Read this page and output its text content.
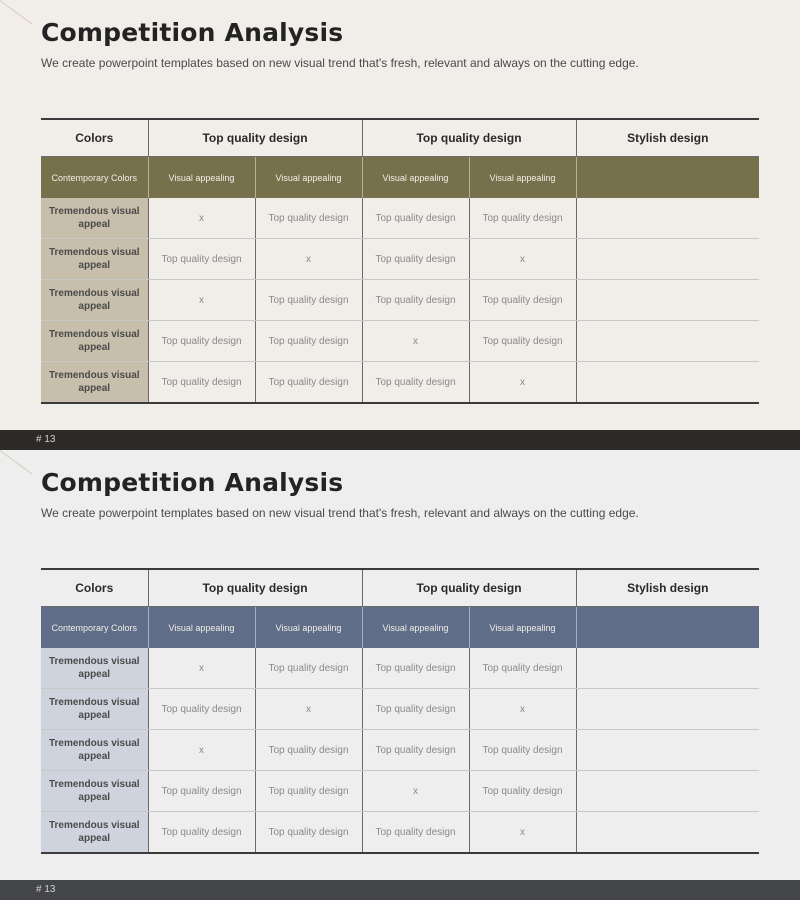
Competition Analysis

We create powerpoint templates based on new visual trend that's fresh, relevant and always on the cutting edge.

Colors	Top quality design		Top quality design		Stylish design
Contemporary Colors	Visual appealing	Visual appealing	Visual appealing	Visual appealing	
Tremendous visual appeal	x	Top quality design	Top quality design	Top quality design	
Tremendous visual appeal	Top quality design	x	Top quality design	x	
Tremendous visual appeal	x	Top quality design	Top quality design	Top quality design	
Tremendous visual appeal	Top quality design	Top quality design	x	Top quality design	
Tremendous visual appeal	Top quality design	Top quality design	Top quality design	x	
# 13
Competition Analysis

We create powerpoint templates based on new visual trend that's fresh, relevant and always on the cutting edge.

Colors	Top quality design		Top quality design		Stylish design
Contemporary Colors	Visual appealing	Visual appealing	Visual appealing	Visual appealing	
Tremendous visual appeal	x	Top quality design	Top quality design	Top quality design	
Tremendous visual appeal	Top quality design	x	Top quality design	x	
Tremendous visual appeal	x	Top quality design	Top quality design	Top quality design	
Tremendous visual appeal	Top quality design	Top quality design	x	Top quality design	
Tremendous visual appeal	Top quality design	Top quality design	Top quality design	x	
# 13
